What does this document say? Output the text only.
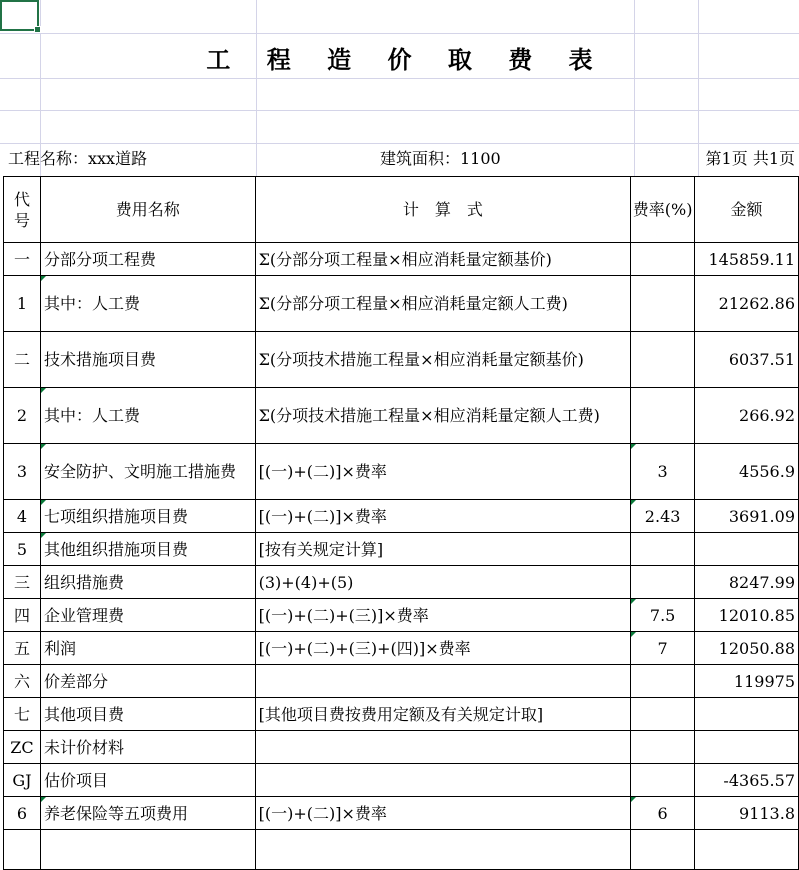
工 程 造 价 取 费 表
工程名称：xxx道路	建筑面积：1100	第1页 共1页
代号	费用名称	计　算　式	费率(%)	金额
一	分部分项工程费	Σ(分部分项工程量×相应消耗量定额基价)		145859.11
1	其中：人工费	Σ(分部分项工程量×相应消耗量定额人工费)		21262.86
二	技术措施项目费	Σ(分项技术措施工程量×相应消耗量定额基价)		6037.51
2	其中：人工费	Σ(分项技术措施工程量×相应消耗量定额人工费)		266.92
3	安全防护、文明施工措施费	[(一)+(二)]×费率	3	4556.9
4	七项组织措施项目费	[(一)+(二)]×费率	2.43	3691.09
5	其他组织措施项目费	[按有关规定计算]		
三	组织措施费	(3)+(4)+(5)		8247.99
四	企业管理费	[(一)+(二)+(三)]×费率	7.5	12010.85
五	利润	[(一)+(二)+(三)+(四)]×费率	7	12050.88
六	价差部分			119975
七	其他项目费	[其他项目费按费用定额及有关规定计取]		
ZC	未计价材料			
GJ	估价项目			-4365.57
6	养老保险等五项费用	[(一)+(二)]×费率	6	9113.8
